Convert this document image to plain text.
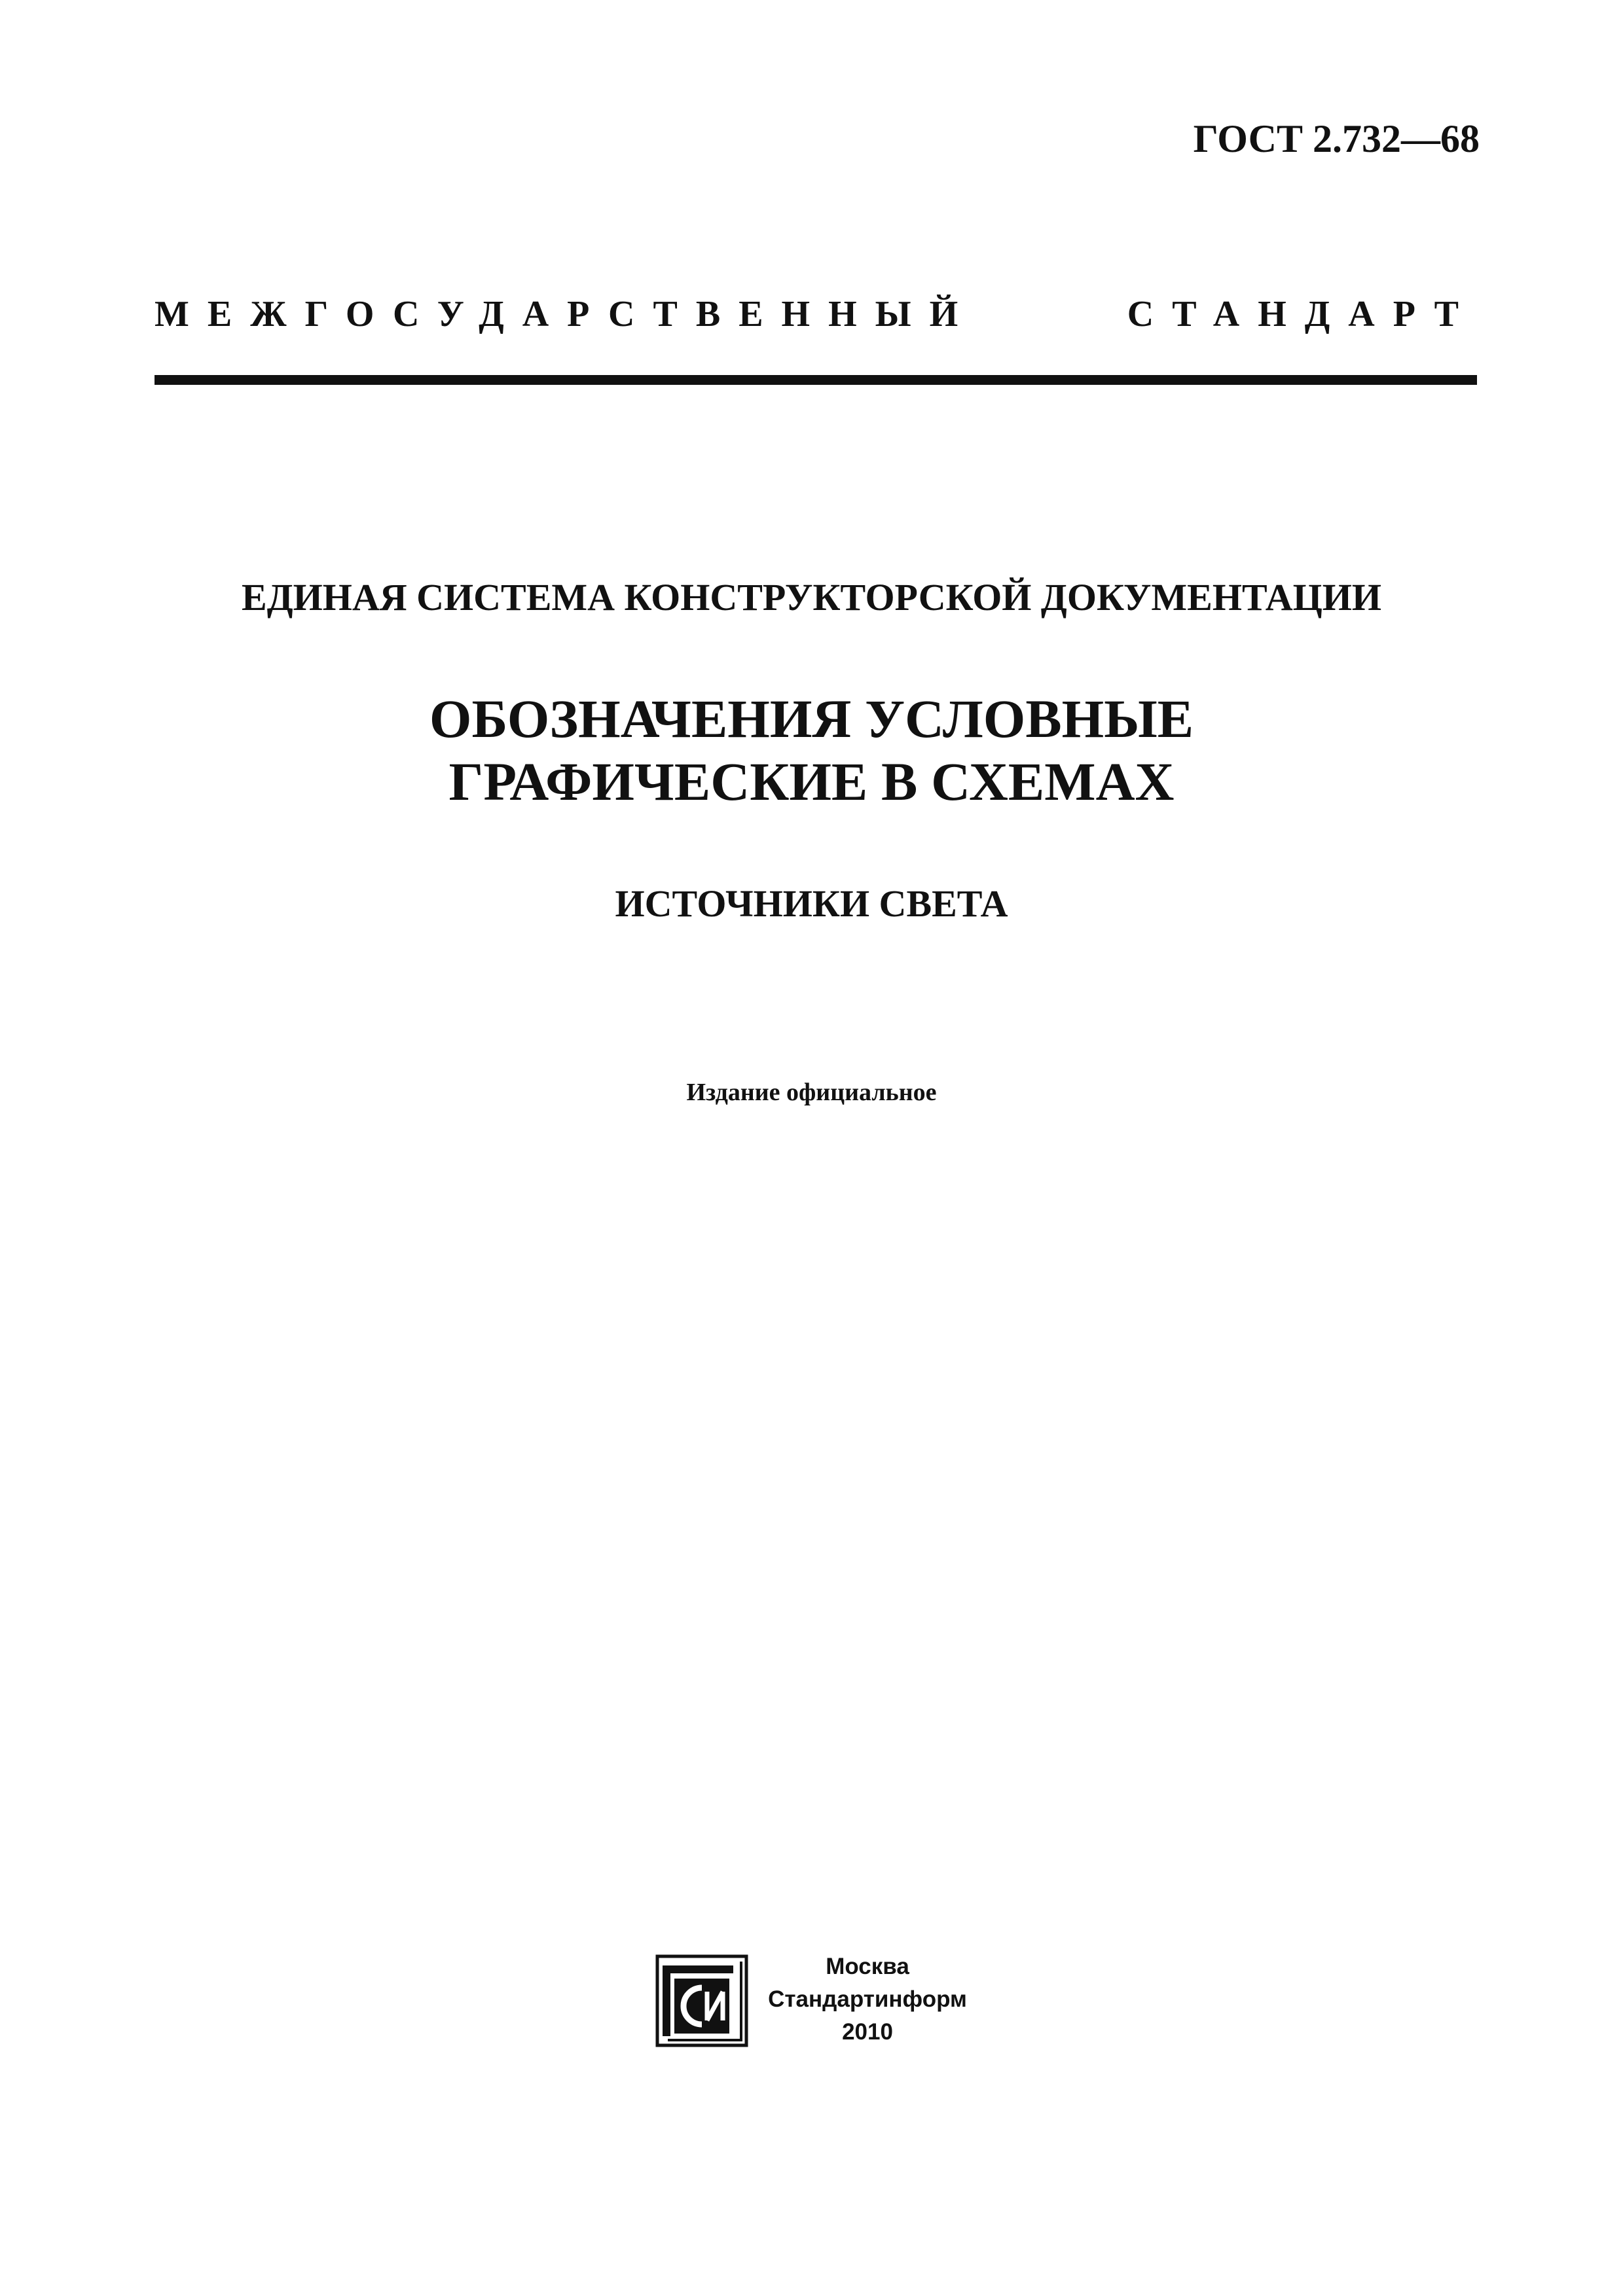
ГОСТ 2.732—68
МЕЖГОСУДАРСТВЕННЫЙ СТАНДАРТ
ЕДИНАЯ СИСТЕМА КОНСТРУКТОРСКОЙ ДОКУМЕНТАЦИИ
ОБОЗНАЧЕНИЯ УСЛОВНЫЕ
ГРАФИЧЕСКИЕ В СХЕМАХ
ИСТОЧНИКИ СВЕТА
Издание официальное
Москва
Стандартинформ
2010
